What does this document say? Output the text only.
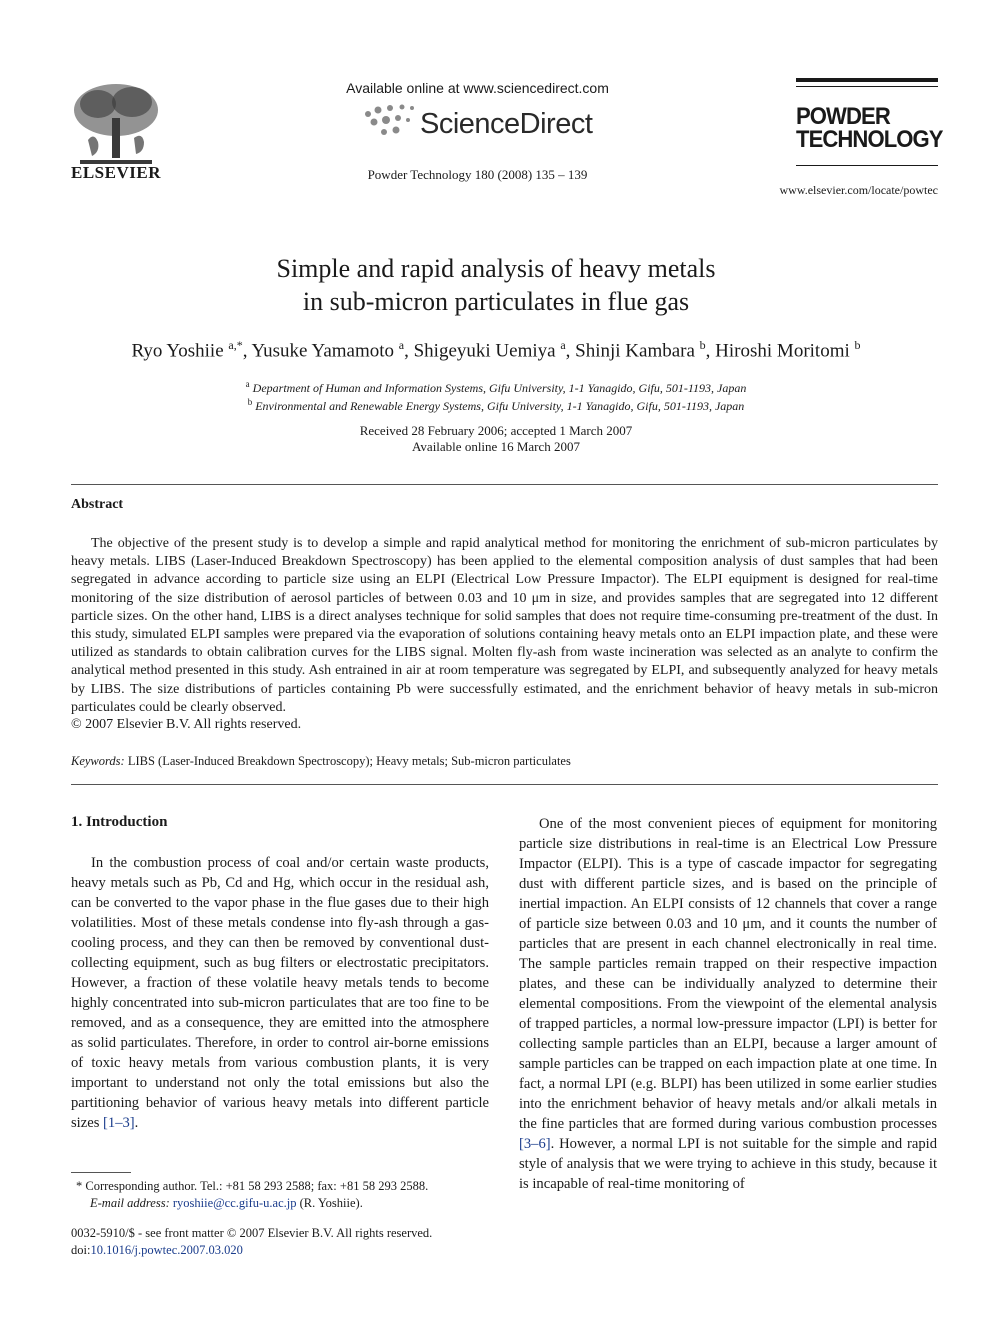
ELSEVIER
Available online at www.sciencedirect.com
ScienceDirect
Powder Technology 180 (2008) 135 – 139
POWDER
TECHNOLOGY
www.elsevier.com/locate/powtec
Simple and rapid analysis of heavy metals
in sub-micron particulates in flue gas
Ryo Yoshiie $^{a,*}$, Yusuke Yamamoto $^a$, Shigeyuki Uemiya $^a$, Shinji Kambara $^b$, Hiroshi Moritomi $^b$
$^a$ Department of Human and Information Systems, Gifu University, 1-1 Yanagido, Gifu, 501-1193, Japan
$^b$ Environmental and Renewable Energy Systems, Gifu University, 1-1 Yanagido, Gifu, 501-1193, Japan
Received 28 February 2006; accepted 1 March 2007
Available online 16 March 2007
Abstract
The objective of the present study is to develop a simple and rapid analytical method for monitoring the enrichment of sub-micron particulates by heavy metals. LIBS (Laser-Induced Breakdown Spectroscopy) has been applied to the elemental composition analysis of dust samples that had been segregated in advance according to particle size using an ELPI (Electrical Low Pressure Impactor). The ELPI equipment is designed for real-time monitoring of the size distribution of aerosol particles of between 0.03 and 10 μm in size, and provides samples that are segregated into 12 different particle sizes. On the other hand, LIBS is a direct analyses technique for solid samples that does not require time-consuming pre-treatment of the dust. In this study, simulated ELPI samples were prepared via the evaporation of solutions containing heavy metals onto an ELPI impaction plate, and these were utilized as standards to obtain calibration curves for the LIBS signal. Molten fly-ash from waste incineration was selected as an analyte to confirm the analytical method presented in this study. Ash entrained in air at room temperature was segregated by ELPI, and subsequently analyzed for heavy metals by LIBS. The size distributions of particles containing Pb were successfully estimated, and the enrichment behavior of heavy metals in sub-micron particulates could be clearly observed.
© 2007 Elsevier B.V. All rights reserved.
Keywords: LIBS (Laser-Induced Breakdown Spectroscopy); Heavy metals; Sub-micron particulates
1. Introduction
In the combustion process of coal and/or certain waste products, heavy metals such as Pb, Cd and Hg, which occur in the residual ash, can be converted to the vapor phase in the flue gases due to their high volatilities. Most of these metals condense into fly-ash through a gas-cooling process, and they can then be removed by conventional dust-collecting equipment, such as bug filters or electrostatic precipitators. However, a fraction of these volatile heavy metals tends to become highly concentrated into sub-micron particulates that are too fine to be removed, and as a consequence, they are emitted into the atmosphere as solid particulates. Therefore, in order to control air-borne emissions of toxic heavy metals from various combustion plants, it is very important to understand not only the total emissions but also the partitioning behavior of various heavy metals into different particle sizes [1–3].
One of the most convenient pieces of equipment for monitoring particle size distributions in real-time is an Electrical Low Pressure Impactor (ELPI). This is a type of cascade impactor for segregating dust with different particle sizes, and is based on the principle of inertial impaction. An ELPI consists of 12 channels that cover a range of particle size between 0.03 and 10 μm, and it counts the number of particles that are present in each channel electronically in real time. The sample particles remain trapped on their respective impaction plates, and these can be individually analyzed to determine their elemental compositions. From the viewpoint of the elemental analysis of trapped particles, a normal low-pressure impactor (LPI) is better for collecting sample particles than an ELPI, because a larger amount of sample particles can be trapped on each impaction plate at one time. In fact, a normal LPI (e.g. BLPI) has been utilized in some earlier studies into the enrichment behavior of heavy metals and/or alkali metals in the fine particles that are formed during various combustion processes [3–6]. However, a normal LPI is not suitable for the simple and rapid style of analysis that we were trying to achieve in this study, because it is incapable of real-time monitoring of
* Corresponding author. Tel.: +81 58 293 2588; fax: +81 58 293 2588.
E-mail address: ryoshiie@cc.gifu-u.ac.jp (R. Yoshiie).
0032-5910/$ - see front matter © 2007 Elsevier B.V. All rights reserved.
doi:10.1016/j.powtec.2007.03.020
